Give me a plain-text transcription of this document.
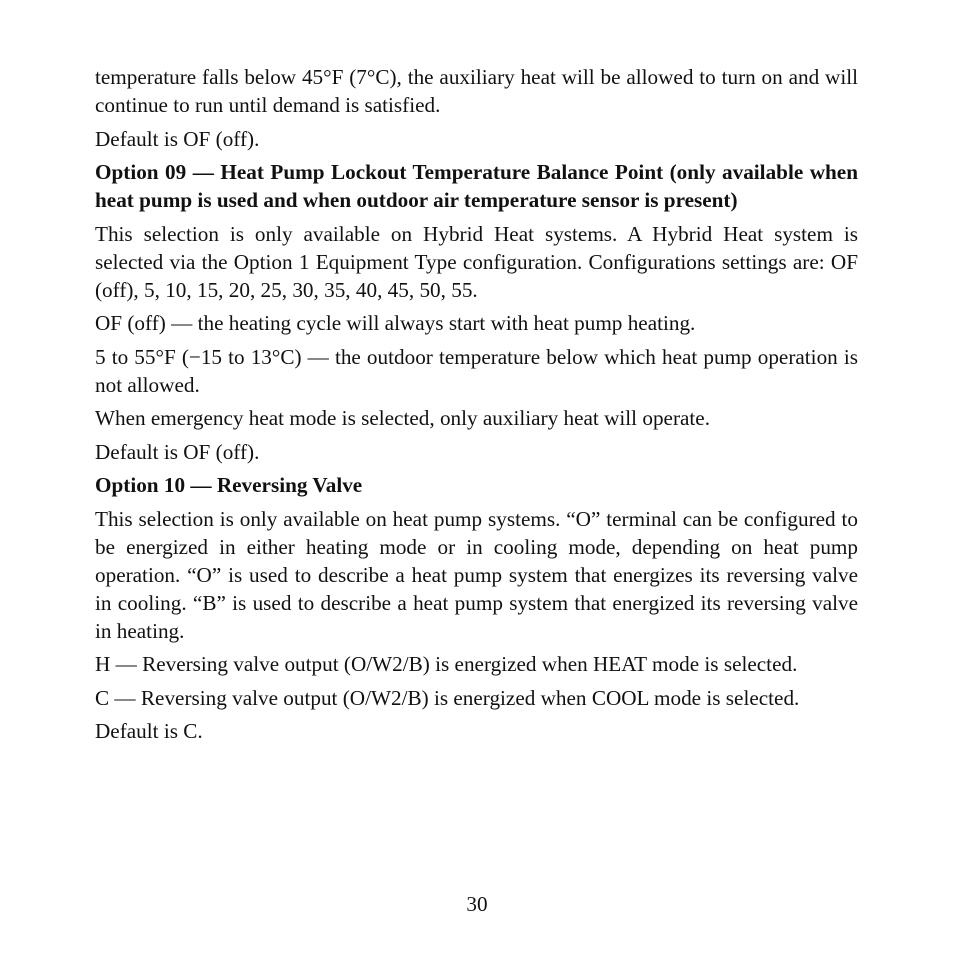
temperature falls below 45°F (7°C), the auxiliary heat will be allowed to turn on and will continue to run until demand is satisfied.

Default is OF (off).

Option 09 — Heat Pump Lockout Temperature Balance Point (only available when heat pump is used and when outdoor air temperature sensor is present)

This selection is only available on Hybrid Heat systems. A Hybrid Heat system is selected via the Option 1 Equipment Type configuration. Configurations settings are: OF (off), 5, 10, 15, 20, 25, 30, 35, 40, 45, 50, 55.

OF (off) — the heating cycle will always start with heat pump heating.

5 to 55°F (−15 to 13°C) — the outdoor temperature below which heat pump operation is not allowed.

When emergency heat mode is selected, only auxiliary heat will operate.

Default is OF (off).

Option 10 — Reversing Valve

This selection is only available on heat pump systems. “O” terminal can be configured to be energized in either heating mode or in cooling mode, depending on heat pump operation. “O” is used to describe a heat pump system that energizes its reversing valve in cooling. “B” is used to describe a heat pump system that energized its reversing valve in heating.

H — Reversing valve output (O/W2/B) is energized when HEAT mode is selected.

C — Reversing valve output (O/W2/B) is energized when COOL mode is selected.

Default is C.

30
